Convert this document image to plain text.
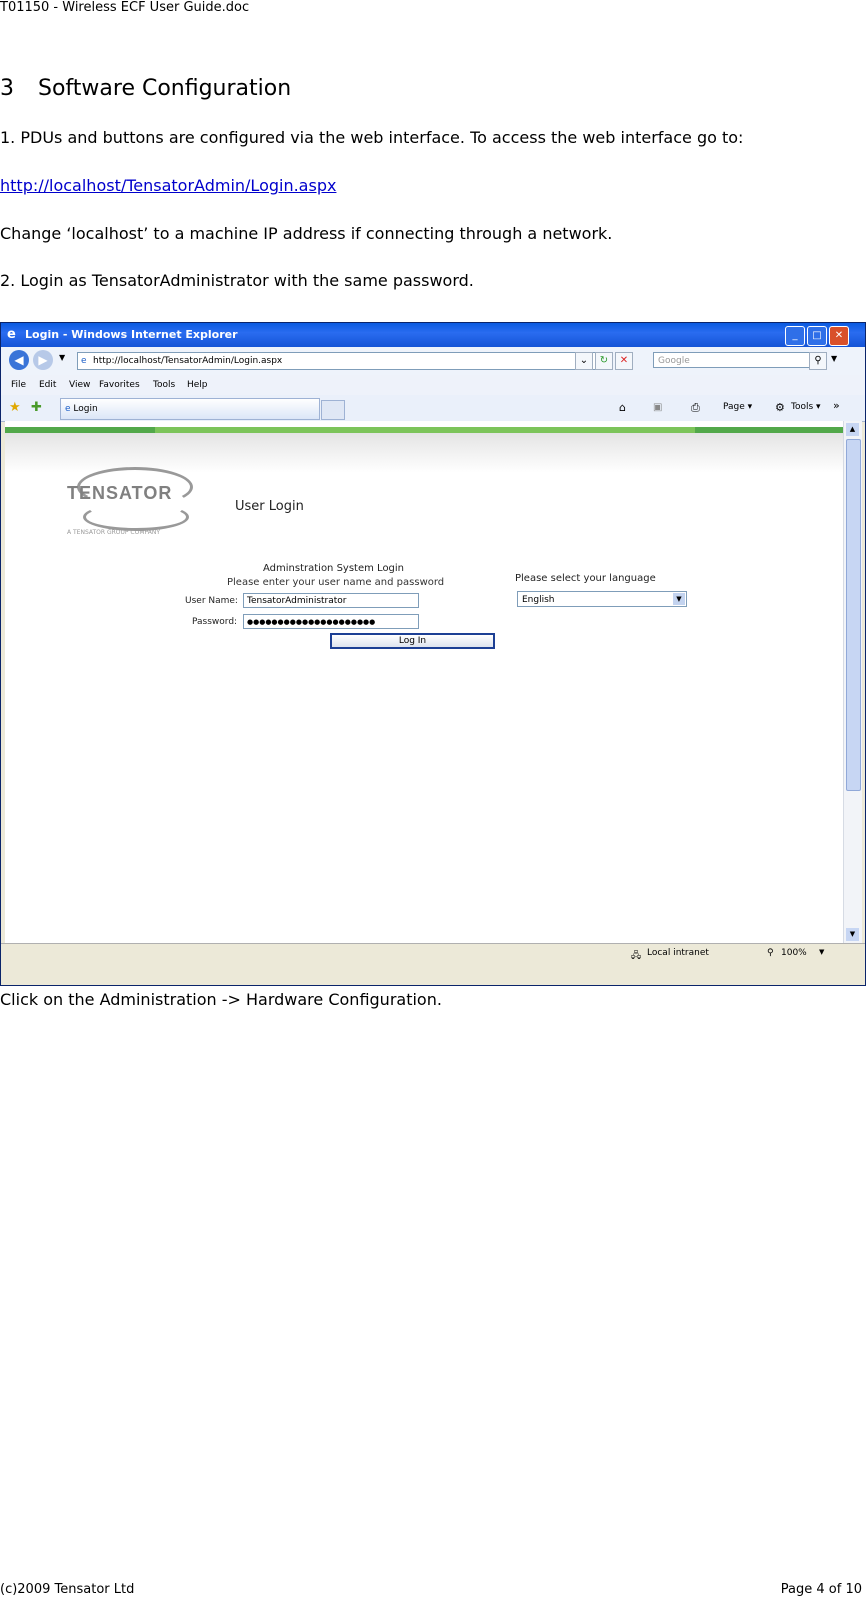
T01150 - Wireless ECF User Guide.doc
3 Software Configuration
1. PDUs and buttons are configured via the web interface. To access the web interface go to:
http://localhost/TensatorAdmin/Login.aspx
Change ‘localhost’ to a machine IP address if connecting through a network.
2. Login as TensatorAdministrator with the same password.
e Login - Windows Internet Explorer	_	□	✕
◀	▶	▼	e http://localhost/TensatorAdmin/Login.aspx	⌄	↻	✕	Google	⚲	▼
File Edit View Favorites Tools Help
★ ✚	e Login	⌂	▣	⎙	Page ▾ ⚙ Tools ▾ »
TENSATOR
A TENSATOR GROUP COMPANY
User Login
Adminstration System Login
Please enter your user name and password
User Name:	TensatorAdministrator
Password:	●●●●●●●●●●●●●●●●●●●●●
Log In
Please select your language
English	▼
▲
▼
🖧 Local intranet	⚲ 100% ▼
Click on the Administration -> Hardware Configuration.
(c)2009 Tensator Ltd	Page 4 of 10
